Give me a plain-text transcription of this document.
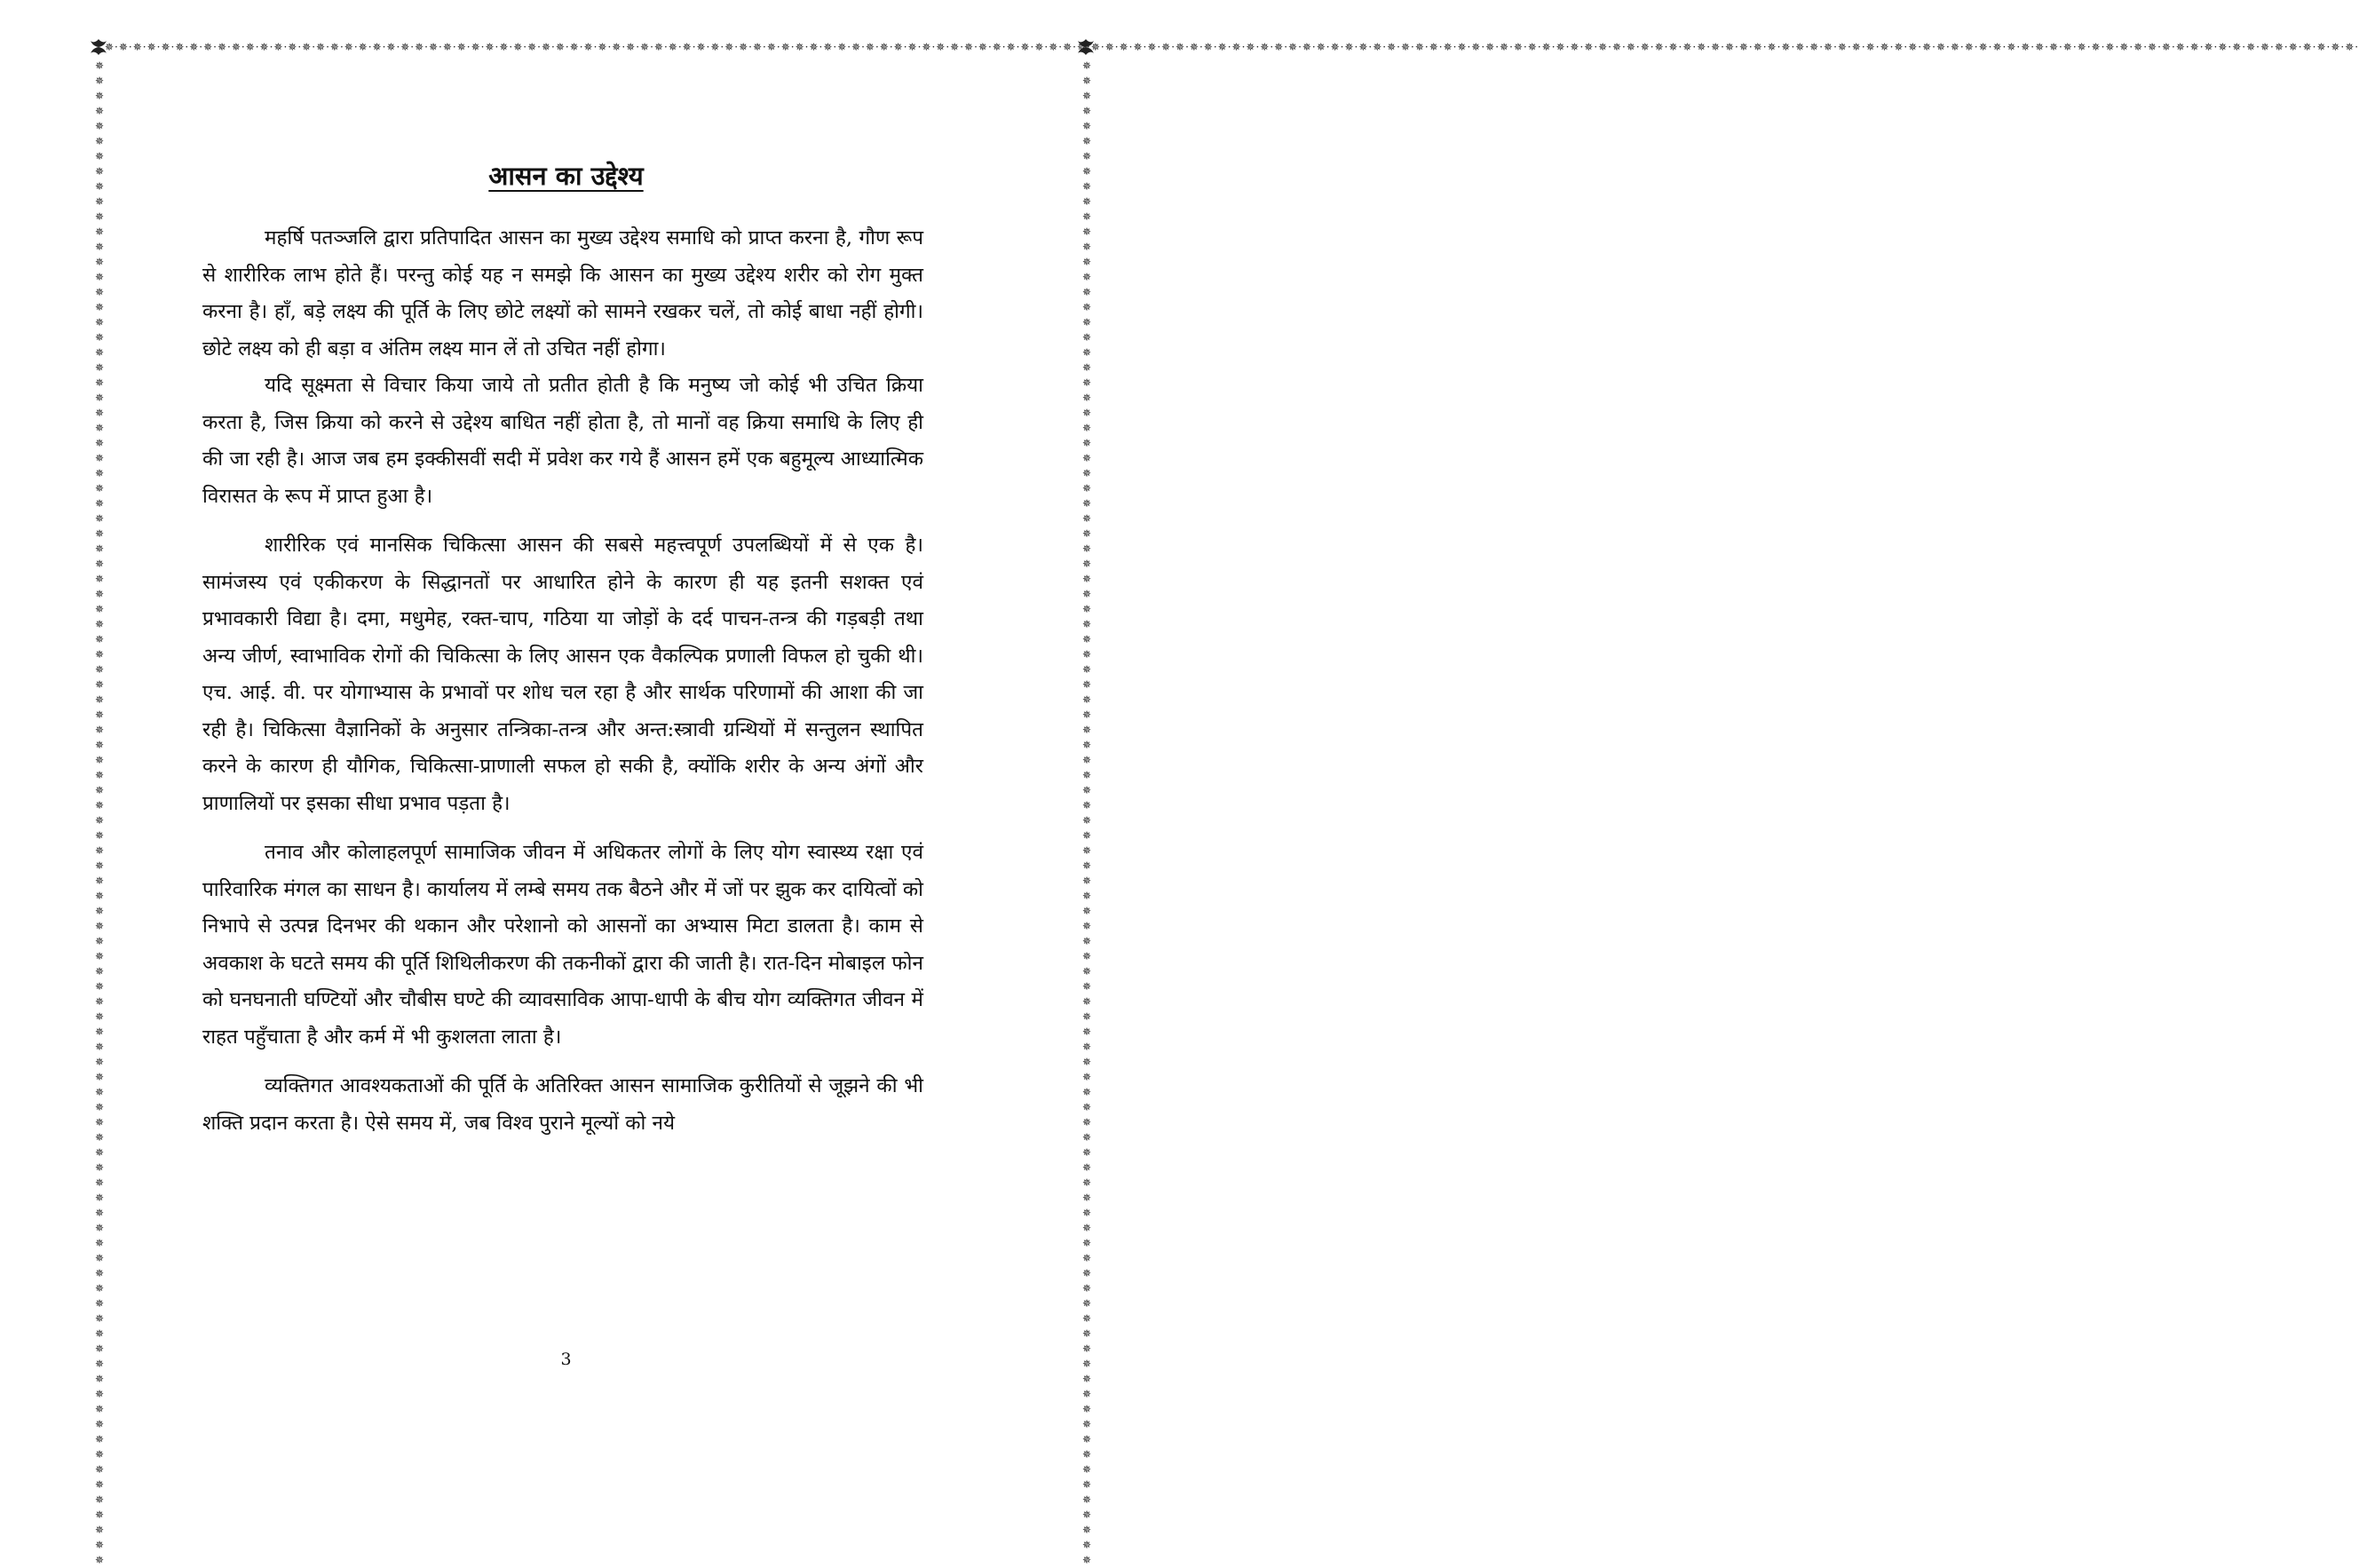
✵·✵·✵·✵·✵·✵·✵·✵·✵·✵·✵·✵·✵·✵·✵·✵·✵·✵·✵·✵·✵·✵·✵·✵·✵·✵·✵·✵·✵·✵·✵·✵·✵·✵·✵·✵·✵·✵·✵·✵·✵·✵·✵·✵·✵·✵·✵·✵·✵·✵·✵·✵·✵·✵·✵·✵·✵·✵·✵·✵·✵·✵·✵·✵·✵·✵·✵·✵·✵·✵·✵·✵·✵·✵·✵·✵·✵·✵·✵·✵·✵·✵·✵·✵·✵·✵·✵·✵·✵·✵·✵·✵·✵·✵·✵·✵·✵·✵·✵·✵·✵·✵·✵·✵·✵·✵·✵·✵·✵·✵·✵·✵·✵·✵·✵·✵·✵·✵·✵·✵·✵·✵·✵·✵·✵·✵·✵·✵·✵·✵·✵·✵·✵·✵·✵·✵·✵·✵·✵·✵·✵·✵·✵·✵·✵·✵·✵·✵·✵·✵·✵·✵·✵·✵·✵·✵·✵·✵·✵·✵·
✵✵✵✵✵✵✵✵✵✵✵✵✵✵✵✵✵✵✵✵✵✵✵✵✵✵✵✵✵✵✵✵✵✵✵✵✵✵✵✵✵✵✵✵✵✵✵✵✵✵✵✵✵✵✵✵✵✵✵✵✵✵✵✵✵✵✵✵✵✵✵✵✵✵✵✵✵✵✵✵✵✵✵✵✵✵✵✵✵✵✵✵✵✵✵✵✵✵✵✵
✵✵✵✵✵✵✵✵✵✵✵✵✵✵✵✵✵✵✵✵✵✵✵✵✵✵✵✵✵✵✵✵✵✵✵✵✵✵✵✵✵✵✵✵✵✵✵✵✵✵✵✵✵✵✵✵✵✵✵✵✵✵✵✵✵✵✵✵✵✵✵✵✵✵✵✵✵✵✵✵✵✵✵✵✵✵✵✵✵✵✵✵✵✵✵✵✵✵✵✵
आसन का उद्देश्य

महर्षि पतञ्जलि द्वारा प्रतिपादित आसन का मुख्य उद्देश्य समाधि को प्राप्त करना है, गौण रूप से शारीरिक लाभ होते हैं। परन्तु कोई यह न समझे कि आसन का मुख्य उद्देश्य शरीर को रोग मुक्त करना है। हाँ, बड़े लक्ष्य की पूर्ति के लिए छोटे लक्ष्यों को सामने रखकर चलें, तो कोई बाधा नहीं होगी। छोटे लक्ष्य को ही बड़ा व अंतिम लक्ष्य मान लें तो उचित नहीं होगा।

यदि सूक्ष्मता से विचार किया जाये तो प्रतीत होती है कि मनुष्य जो कोई भी उचित क्रिया करता है, जिस क्रिया को करने से उद्देश्य बाधित नहीं होता है, तो मानों वह क्रिया समाधि के लिए ही की जा रही है। आज जब हम इक्कीसवीं सदी में प्रवेश कर गये हैं आसन हमें एक बहुमूल्य आध्यात्मिक विरासत के रूप में प्राप्त हुआ है।

शारीरिक एवं मानसिक चिकित्सा आसन की सबसे महत्त्वपूर्ण उपलब्धियों में से एक है। सामंजस्य एवं एकीकरण के सिद्धानतों पर आधारित होने के कारण ही यह इतनी सशक्त एवं प्रभावकारी विद्या है। दमा, मधुमेह, रक्त-चाप, गठिया या जोड़ों के दर्द पाचन-तन्त्र की गड़बड़ी तथा अन्य जीर्ण, स्वाभाविक रोगों की चिकित्सा के लिए आसन एक वैकल्पिक प्रणाली विफल हो चुकी थी। एच. आई. वी. पर योगाभ्यास के प्रभावों पर शोध चल रहा है और सार्थक परिणामों की आशा की जा रही है। चिकित्सा वैज्ञानिकों के अनुसार तन्त्रिका-तन्त्र और अन्त:स्त्रावी ग्रन्थियों में सन्तुलन स्थापित करने के कारण ही यौगिक, चिकित्सा-प्राणाली सफल हो सकी है, क्योंकि शरीर के अन्य अंगों और प्राणालियों पर इसका सीधा प्रभाव पड़ता है।

तनाव और कोलाहलपूर्ण सामाजिक जीवन में अधिकतर लोगों के लिए योग स्वास्थ्य रक्षा एवं पारिवारिक मंगल का साधन है। कार्यालय में लम्बे समय तक बैठने और में जों पर झुक कर दायित्वों को निभापे से उत्पन्न दिनभर की थकान और परेशानो को आसनों का अभ्यास मिटा डालता है। काम से अवकाश के घटते समय की पूर्ति शिथिलीकरण की तकनीकों द्वारा की जाती है। रात-दिन मोबाइल फोन को घनघनाती घण्टियों और चौबीस घण्टे की व्यावसाविक आपा-धापी के बीच योग व्यक्तिगत जीवन में राहत पहुँचाता है और कर्म में भी कुशलता लाता है।

व्यक्तिगत आवश्यकताओं की पूर्ति के अतिरिक्त आसन सामाजिक कुरीतियों से जूझने की भी शक्ति प्रदान करता है। ऐसे समय में, जब विश्व पुराने मूल्यों को नये

3
